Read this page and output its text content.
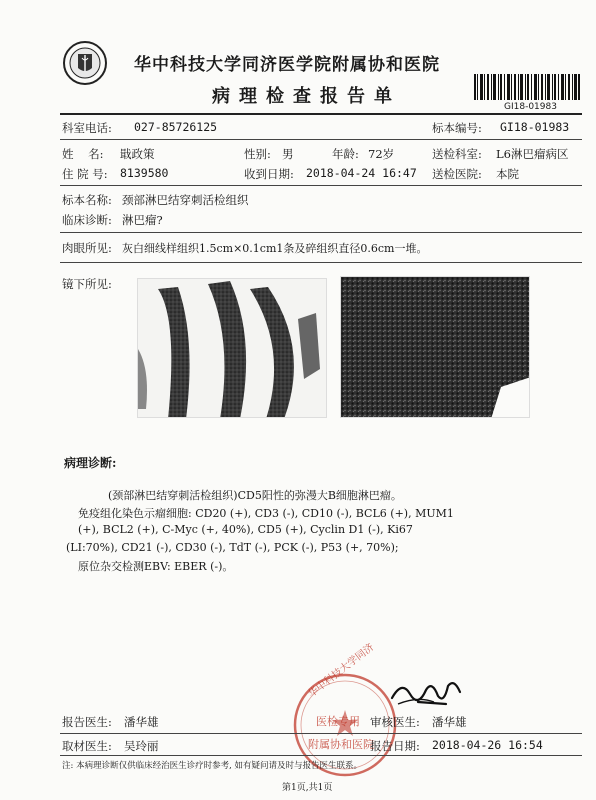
华中科技大学同济医学院附属协和医院
病理检查报告单	GI18-01983
科室电话: 027-85726125	标本编号: GI18-01983
姓    名: 戢政策	性别: 男	年龄: 72岁	送检科室: L6淋巴瘤病区
住 院 号: 8139580	收到日期: 2018-04-24 16:47 送检医院: 本院
标本名称: 颈部淋巴结穿刺活检组织
临床诊断: 淋巴瘤?
肉眼所见: 灰白细线样组织1.5cm×0.1cm1条及碎组织直径0.6cm一堆。
镜下所见:
病理诊断:
(颈部淋巴结穿刺活检组织)CD5阳性的弥漫大B细胞淋巴瘤。
免疫组化染色示瘤细胞: CD20 (+), CD3 (-), CD10 (-), BCL6 (+), MUM1
(+), BCL2 (+), C-Myc (+, 40%), CD5 (+), Cyclin D1 (-), Ki67
(LI:70%), CD21 (-), CD30 (-), TdT (-), PCK (-), P53 (+, 70%);
原位杂交检测EBV: EBER (-)。
华中科技大学同济
医检专用
附属协和医院
报告医生: 潘华雄	审核医生: 潘华雄
取材医生: 吴玲丽	报告日期: 2018-04-26 16:54
注: 本病理诊断仅供临床经治医生诊疗时参考, 如有疑问请及时与报告医生联系。
第1页,共1页
